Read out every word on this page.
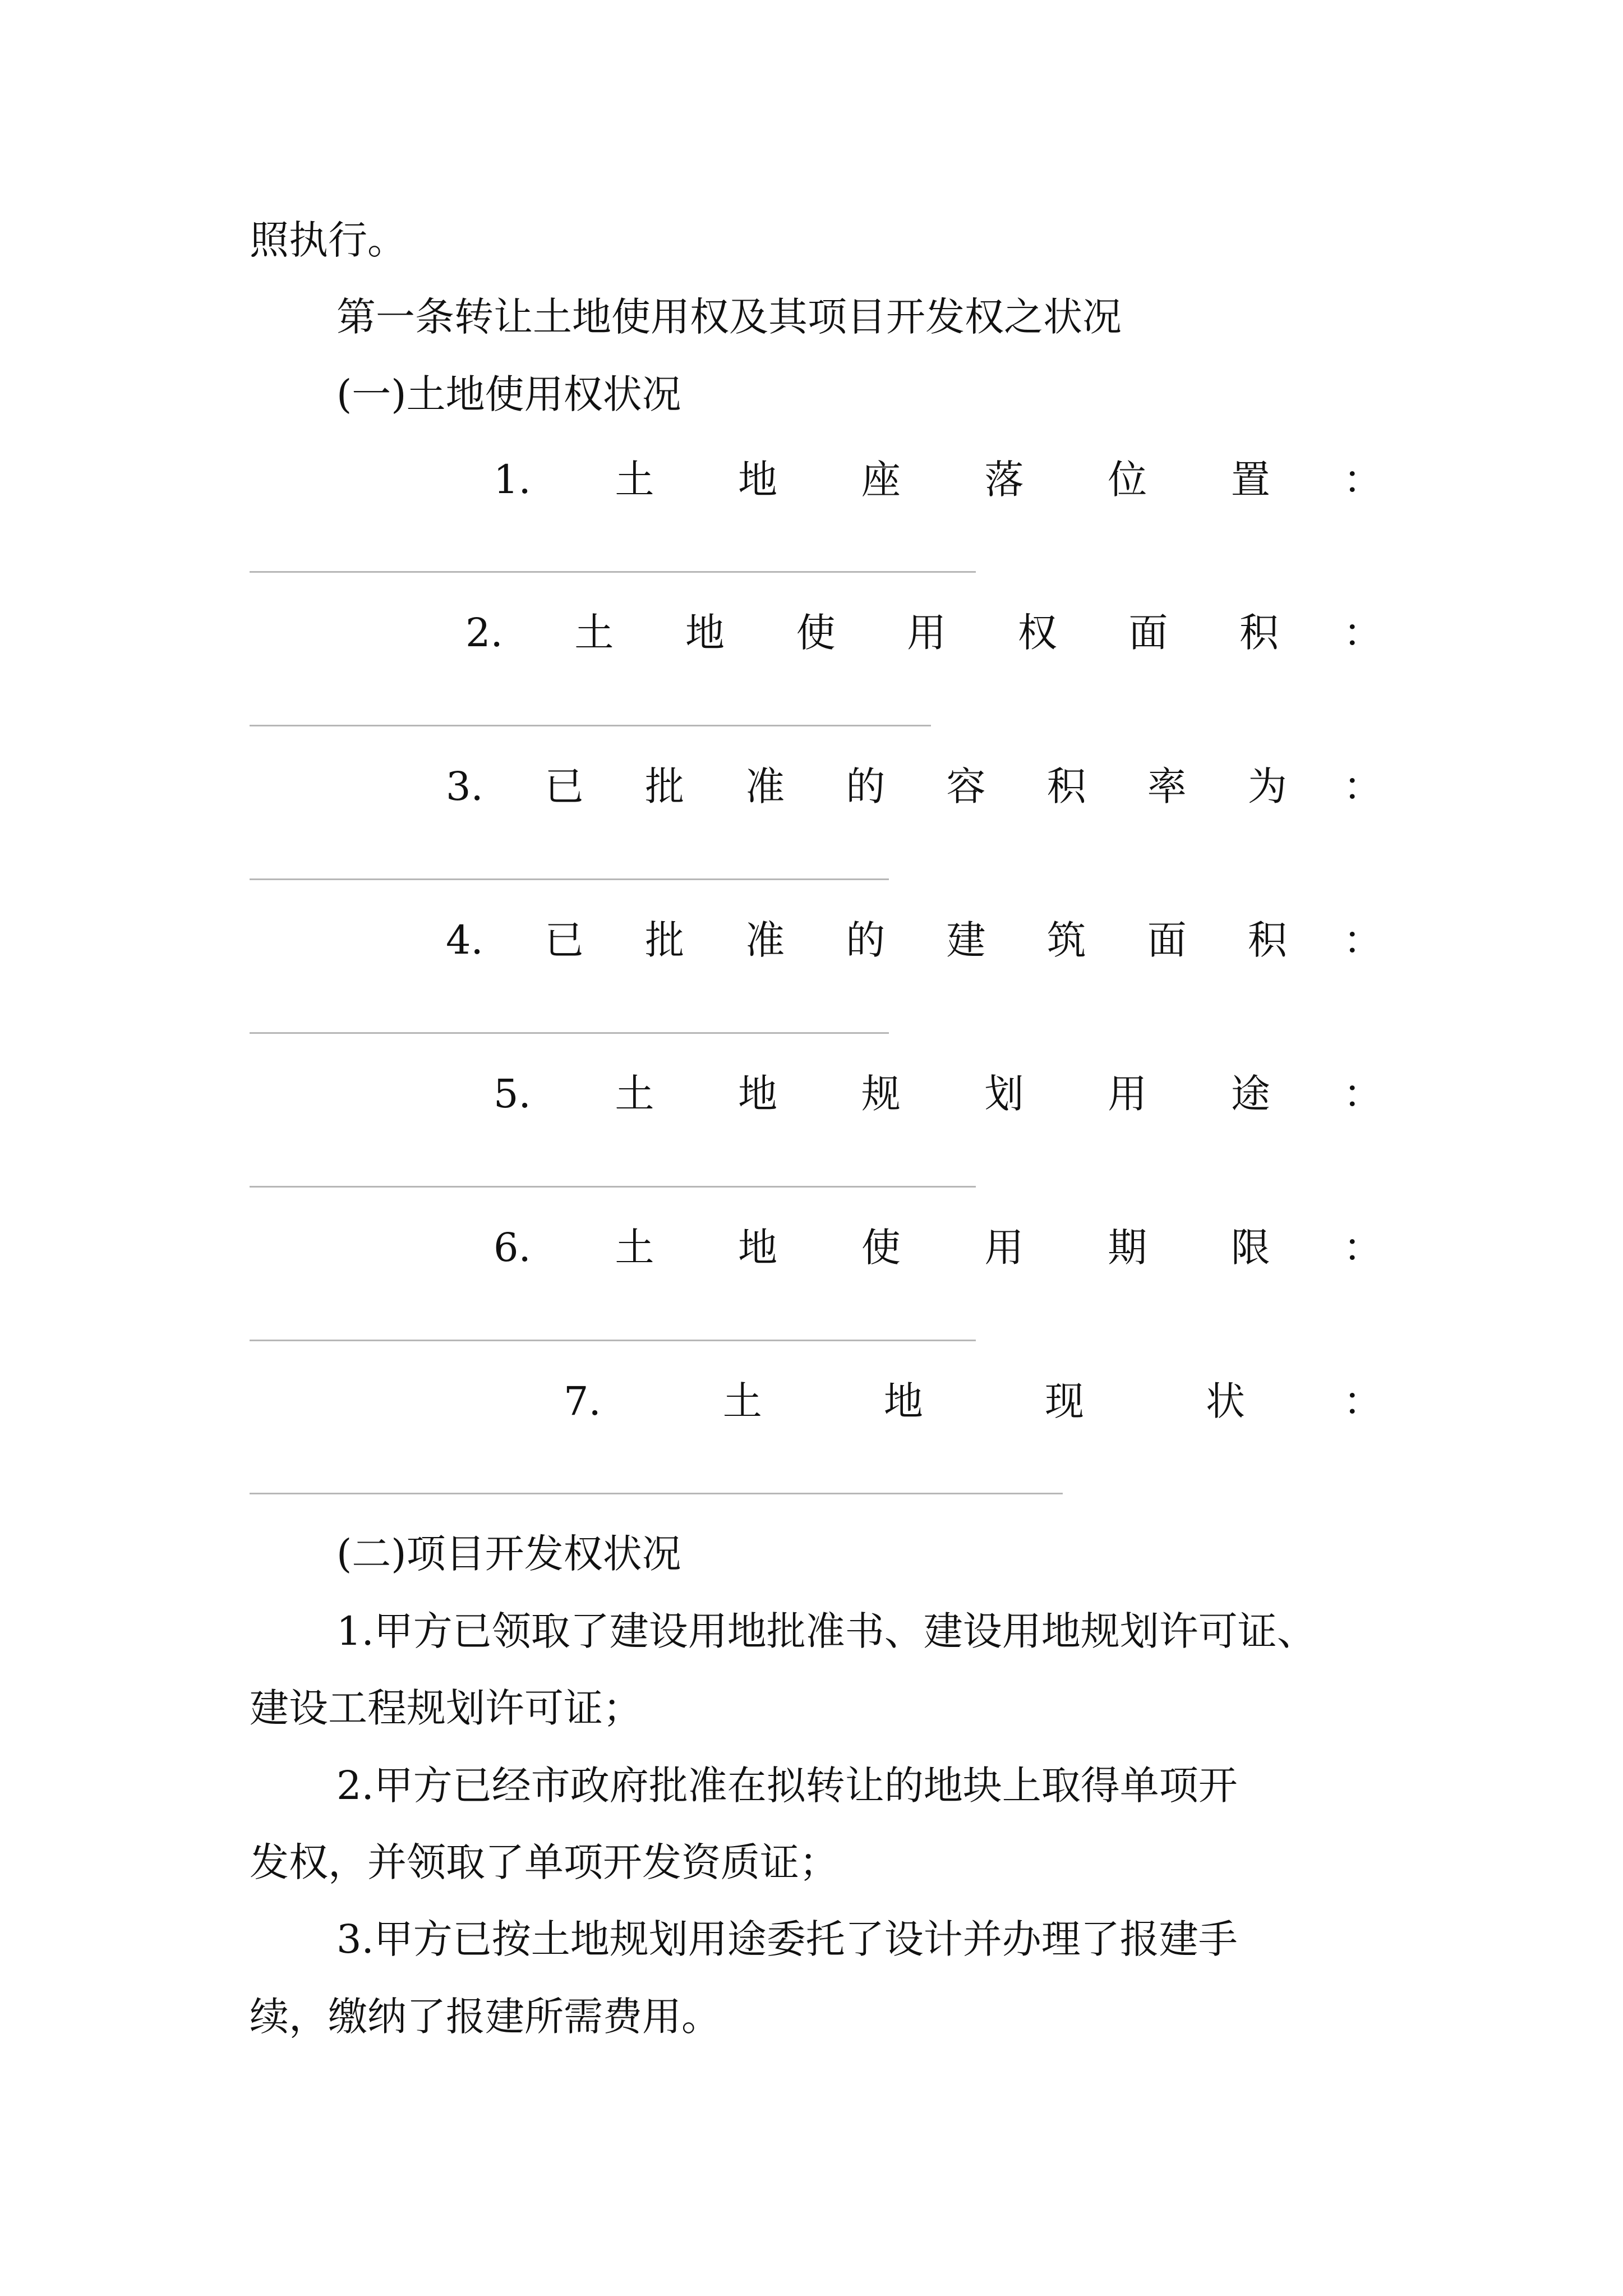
照执行。
第一条转让土地使用权及其项目开发权之状况
(一)土地使用权状况
1. 土 地 座 落 位 置 ：
2. 土 地 使 用 权 面 积 ：
3. 已 批 准 的 容 积 率 为 ：
4. 已 批 准 的 建 筑 面 积 ：
5. 土 地 规 划 用 途 ：
6. 土 地 使 用 期 限 ：
7.	土	地	现	状	：
(二)项目开发权状况
1.甲方已领取了建设用地批准书、建设用地规划许可证、
建设工程规划许可证；
2.甲方已经市政府批准在拟转让的地块上取得单项开
发权，并领取了单项开发资质证；
3.甲方已按土地规划用途委托了设计并办理了报建手
续，缴纳了报建所需费用。
